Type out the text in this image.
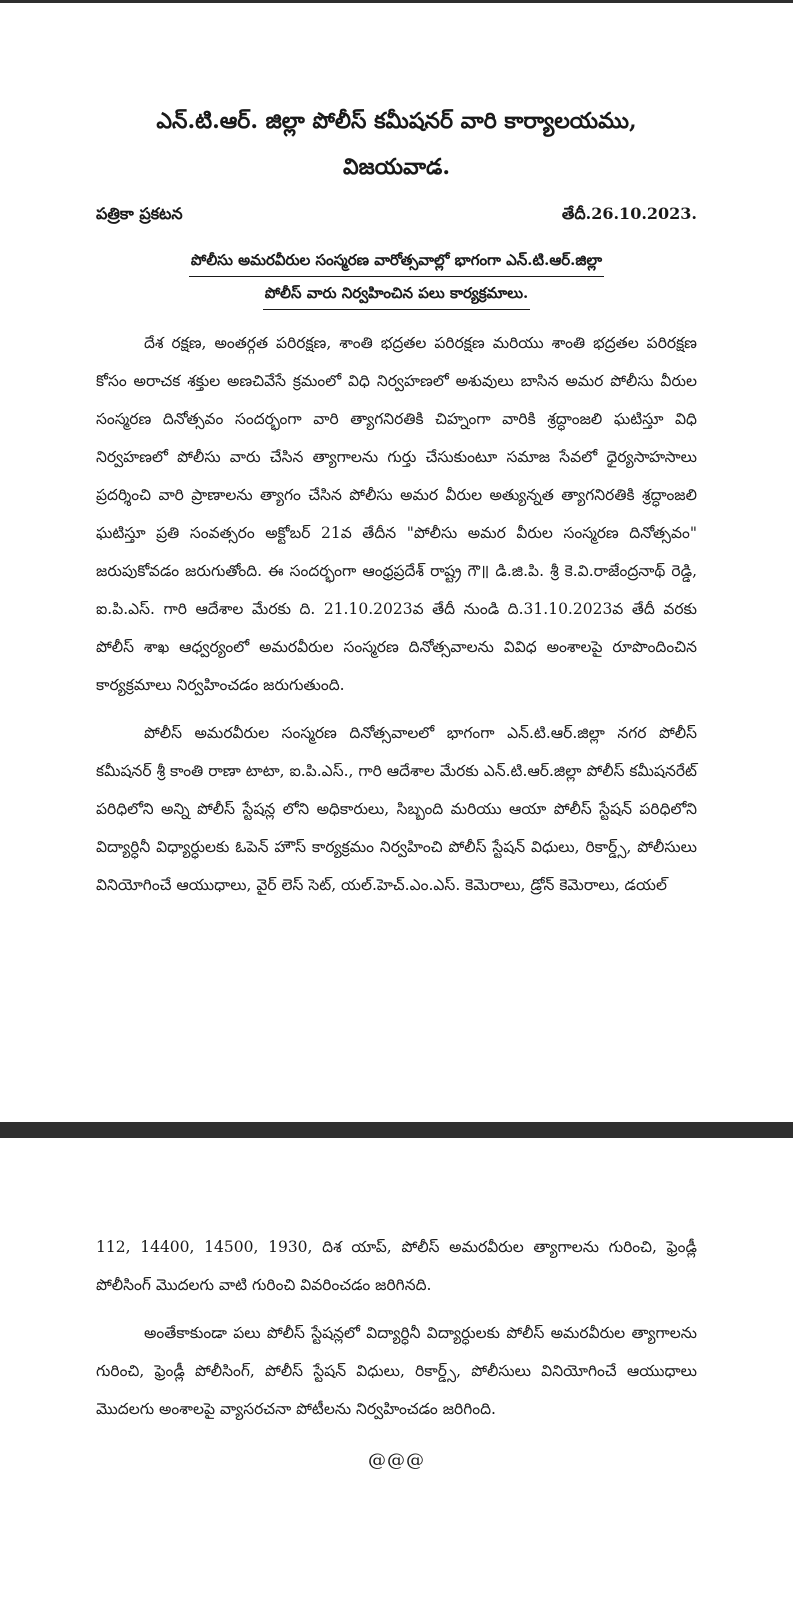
ఎన్.టి.ఆర్. జిల్లా పోలీస్ కమీషనర్ వారి కార్యాలయము,
విజయవాడ.
పత్రికా ప్రకటన	తేదీ.26.10.2023.
పోలీసు అమరవీరుల సంస్మరణ వారోత్సవాల్లో భాగంగా ఎన్.టి.ఆర్.జిల్లా
పోలీస్ వారు నిర్వహించిన పలు కార్యక్రమాలు.

దేశ రక్షణ, అంతర్గత పరిరక్షణ, శాంతి భద్రతల పరిరక్షణ మరియు శాంతి భద్రతల పరిరక్షణ కోసం అరాచక శక్తుల అణచివేసే క్రమంలో విధి నిర్వహణలో అశువులు బాసిన అమర పోలీసు వీరుల సంస్మరణ దినోత్సవం సందర్భంగా వారి త్యాగనిరతికి చిహ్నంగా వారికి శ్రద్ధాంజలి ఘటిస్తూ విధి నిర్వహణలో పోలీసు వారు చేసిన త్యాగాలను గుర్తు చేసుకుంటూ సమాజ సేవలో ధైర్యసాహసాలు ప్రదర్శించి వారి ప్రాణాలను త్యాగం చేసిన పోలీసు అమర వీరుల అత్యున్నత త్యాగనిరతికి శ్రద్ధాంజలి ఘటిస్తూ ప్రతి సంవత్సరం అక్టోబర్ 21వ తేదీన "పోలీసు అమర వీరుల సంస్మరణ దినోత్సవం" జరుపుకోవడం జరుగుతోంది. ఈ సందర్భంగా ఆంధ్రప్రదేశ్ రాష్ట్ర గౌ॥ డి.జి.పి. శ్రీ కె.వి.రాజేంద్రనాథ్ రెడ్డి, ఐ.పి.ఎస్. గారి ఆదేశాల మేరకు ది. 21.10.2023వ తేదీ నుండి ది.31.10.2023వ తేదీ వరకు పోలీస్ శాఖ ఆధ్వర్యంలో అమరవీరుల సంస్మరణ దినోత్సవాలను వివిధ అంశాలపై రూపొందించిన కార్యక్రమాలు నిర్వహించడం జరుగుతుంది.

పోలీస్ అమరవీరుల సంస్మరణ దినోత్సవాలలో భాగంగా ఎన్.టి.ఆర్.జిల్లా నగర పోలీస్ కమీషనర్ శ్రీ కాంతి రాణా టాటా, ఐ.పి.ఎస్., గారి ఆదేశాల మేరకు ఎన్.టి.ఆర్.జిల్లా పోలీస్ కమీషనరేట్ పరిధిలోని అన్ని పోలీస్ స్టేషన్ల లోని అధికారులు, సిబ్బంది మరియు ఆయా పోలీస్ స్టేషన్ పరిధిలోని విద్యార్ధినీ విధ్యార్ధులకు ఓపెన్ హౌస్ కార్యక్రమం నిర్వహించి పోలీస్ స్టేషన్ విధులు, రికార్డ్స్, పోలీసులు వినియోగించే ఆయుధాలు, వైర్ లెస్ సెట్, యల్.హెచ్.ఎం.ఎస్. కెమెరాలు, డ్రోన్ కెమెరాలు, డయల్

112, 14400, 14500, 1930, దిశ యాప్, పోలీస్ అమరవీరుల త్యాగాలను గురించి, ఫ్రెండ్లీ పోలీసింగ్ మొదలగు వాటి గురించి వివరించడం జరిగినది.

అంతేకాకుండా పలు పోలీస్ స్టేషన్లలో విద్యార్ధినీ విద్యార్ధులకు పోలీస్ అమరవీరుల త్యాగాలను గురించి, ఫ్రెండ్లీ పోలీసింగ్, పోలీస్ స్టేషన్ విధులు, రికార్డ్స్, పోలీసులు వినియోగించే ఆయుధాలు మొదలగు అంశాలపై వ్యాసరచనా పోటీలను నిర్వహించడం జరిగింది.

@@@
